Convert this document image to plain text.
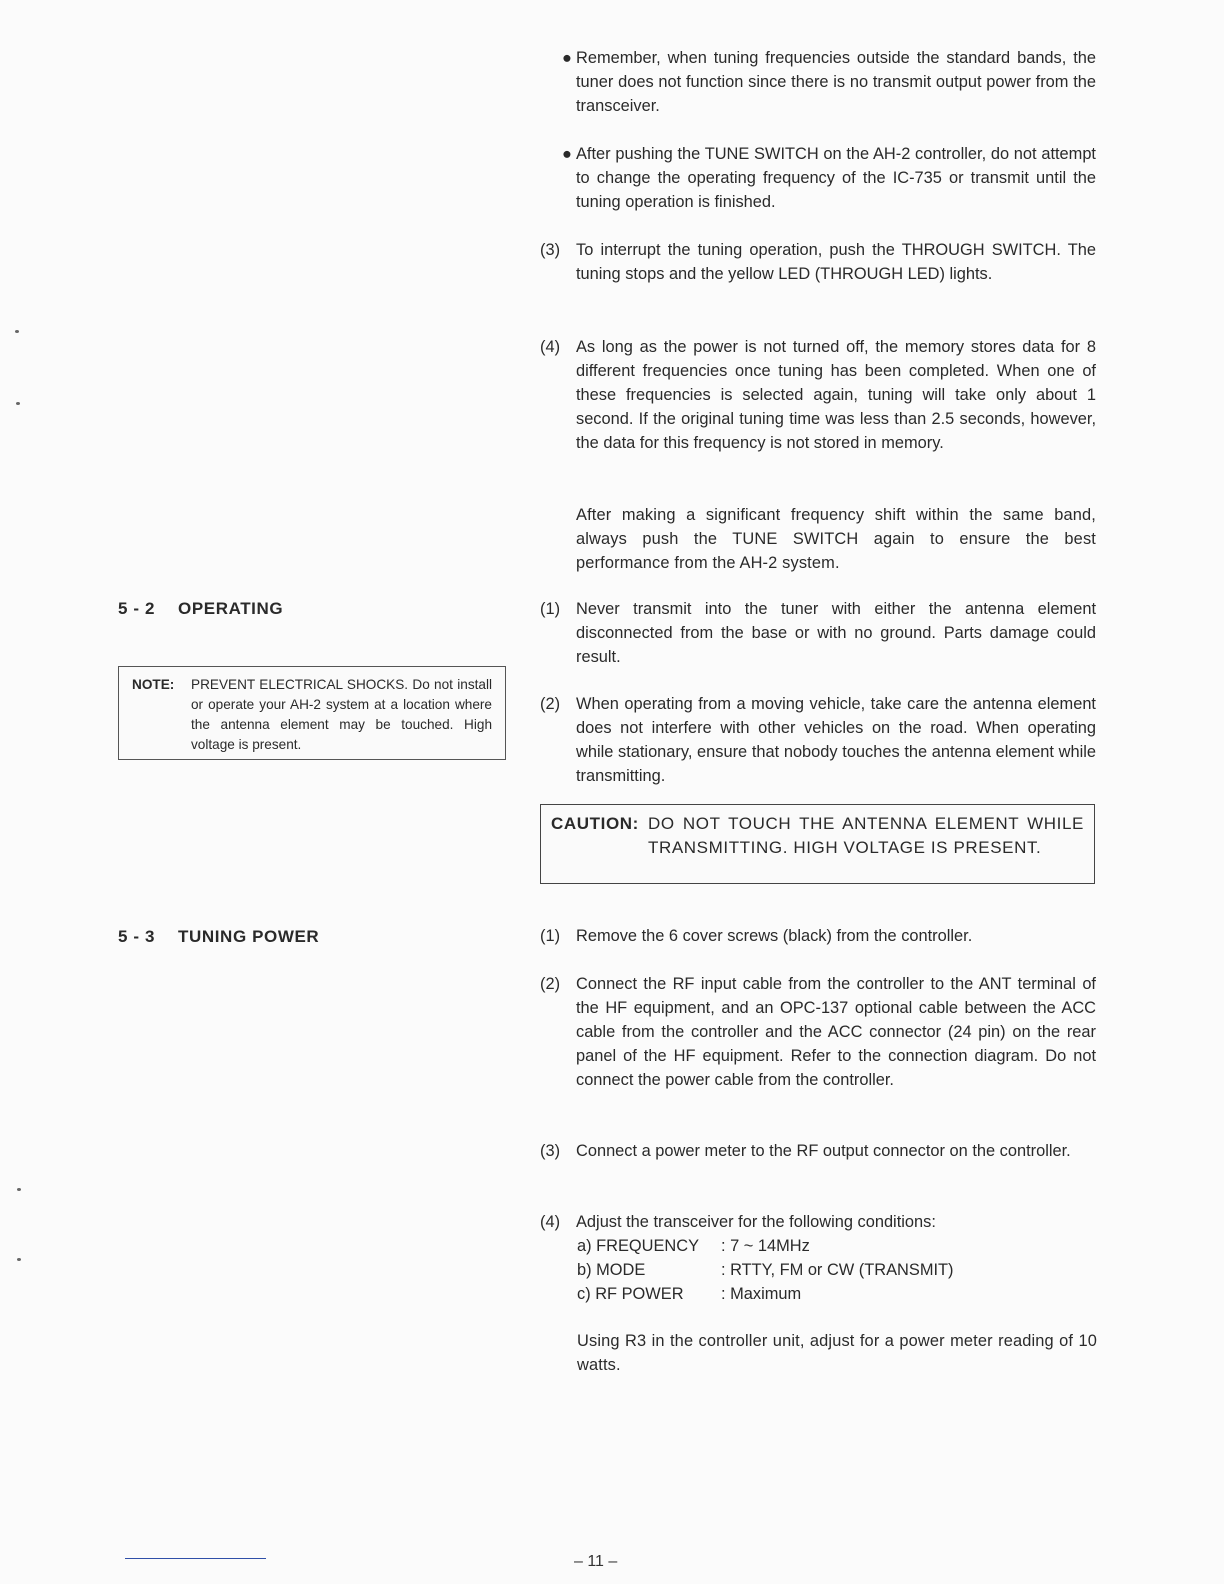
● Remember, when tuning frequencies outside the standard bands, the tuner does not function since there is no transmit output power from the transceiver.
● After pushing the TUNE SWITCH on the AH-2 controller, do not attempt to change the operating frequency of the IC-735 or transmit until the tuning operation is finished.
(3) To interrupt the tuning operation, push the THROUGH SWITCH. The tuning stops and the yellow LED (THROUGH LED) lights.
(4) As long as the power is not turned off, the memory stores data for 8 different frequencies once tuning has been completed. When one of these frequencies is selected again, tuning will take only about 1 second. If the original tuning time was less than 2.5 seconds, however, the data for this frequency is not stored in memory.
After making a significant frequency shift within the same band, always push the TUNE SWITCH again to ensure the best performance from the AH-2 system.
5 - 2 OPERATING
NOTE: PREVENT ELECTRICAL SHOCKS. Do not install or operate your AH-2 system at a location where the antenna element may be touched. High voltage is present.
(1) Never transmit into the tuner with either the antenna element disconnected from the base or with no ground. Parts damage could result.
(2) When operating from a moving vehicle, take care the antenna element does not interfere with other vehicles on the road. When operating while stationary, ensure that nobody touches the antenna element while transmitting.
CAUTION: DO NOT TOUCH THE ANTENNA ELEMENT WHILE TRANSMITTING. HIGH VOLTAGE IS PRESENT.
5 - 3 TUNING POWER	(1) Remove the 6 cover screws (black) from the controller.
(2) Connect the RF input cable from the controller to the ANT terminal of the HF equipment, and an OPC-137 optional cable between the ACC cable from the controller and the ACC connector (24 pin) on the rear panel of the HF equipment. Refer to the connection diagram. Do not connect the power cable from the controller.
(3) Connect a power meter to the RF output connector on the controller.
(4) Adjust the transceiver for the following conditions:
a) FREQUENCY	: 7 ~ 14MHz
b) MODE	: RTTY, FM or CW (TRANSMIT)
c) RF POWER	: Maximum
Using R3 in the controller unit, adjust for a power meter reading of 10 watts.
– 11 –
